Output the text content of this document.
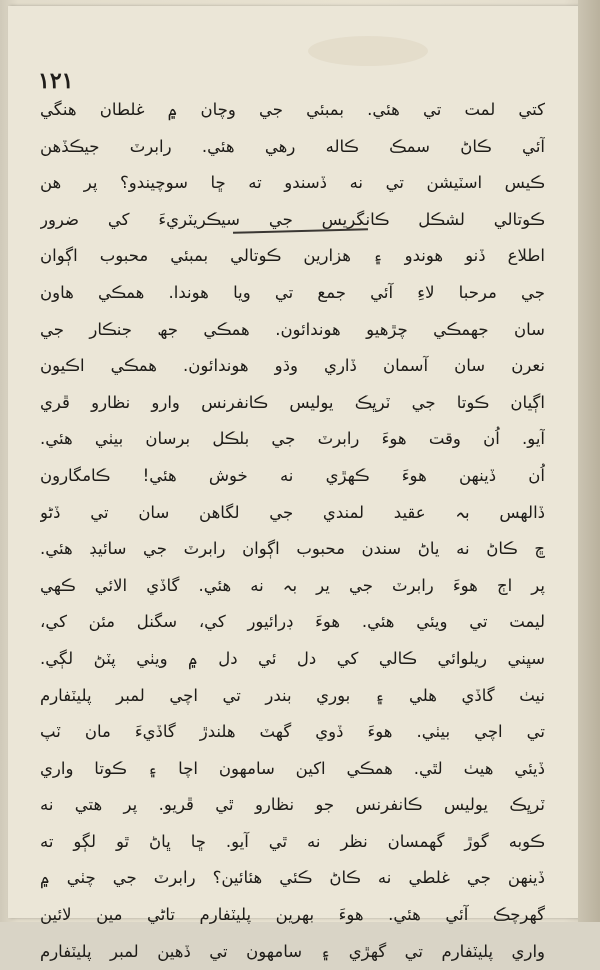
١٢١
کتي لمت تي هئي. بمبئي جي وچان ۾ غلطان هنگي
آئي ڪاڻ سمڪ ڪاله رهي هئي. رابرٽ جيڪڏهن
ڪيس اسٽيشن تي نه ڏسندو ته ڇا سوچيندو؟ پر هن
ڪوتالي لشڪل ڪانگريس جي سيڪريٽريءَ کي ضرور
اطلاع ڏنو هوندو ۽ هزارين ڪوتالي بمبئي محبوب اڳوان
جي مرحبا لاءِ آئي جمع تي ويا هوندا. همڪي هاون
سان جهمڪي چڙهيو هوندائون. همڪي جھ جنڪار جي
نعرن سان آسمان ڏاري وڌو هوندائون. همڪي اڪيون
اڳيان ڪوتا جي ٽرڀڪ يوليس ڪانفرنس وارو نظارو ڦري
آيو. اُن وقت هوءَ رابرٽ جي بلڪل برسان بيٺي هئي.
اُن ڏينهن هوءَ ڪهڙي نه خوش هئي! ڪامگارون
ڏالهس بہ عقيد لمندي جي لگاهن سان تي ڏڻو
ڇ ڪاڻ نه ياڻ سندن محبوب اڳوان رابرٽ جي سائيڊ هئي.
پر اڄ هوءَ رابرٽ جي ير بہ نه هئي. گاڏي الائي ڪهي
ليمت تي ويئي هئي. هوءَ ڊرائيور کي، سگنل مئن کي،
سڀني ريلوائي ڪالي کي دل ئي دل ۾ ويٺي پٽڻ لڳي.
نيٺ گاڏي هلي ۽ بوري بندر تي اچي لمبر پليٽفارم
تي اچي بيٺي. هوءَ ڏوي گهٽ هلندڙ گاڏيءَ مان ٽپ
ڏيئي هيٺ لٿي. همڪي اکين سامهون اچا ۽ ڪوتا واري
ٽرڀڪ يوليس ڪانفرنس جو نظارو ٿي ڦريو. پر هتي نه
ڪوبه گوڙ گهمسان نظر نه ٿي آيو. ڇا ڀاڻ ٿو لڳو ته
ڏينهن جي غلطي نه ڪاڻ ڪئي هئائين؟ رابرٽ جي چٺي ۾
گهرچڪ آئي هئي. هوءَ بهرين پليٽفارم تاڻي مين لائين
واري پليٽفارم تي گهڙي ۽ سامهون تي ڏهين لمبر پليٽفارم
